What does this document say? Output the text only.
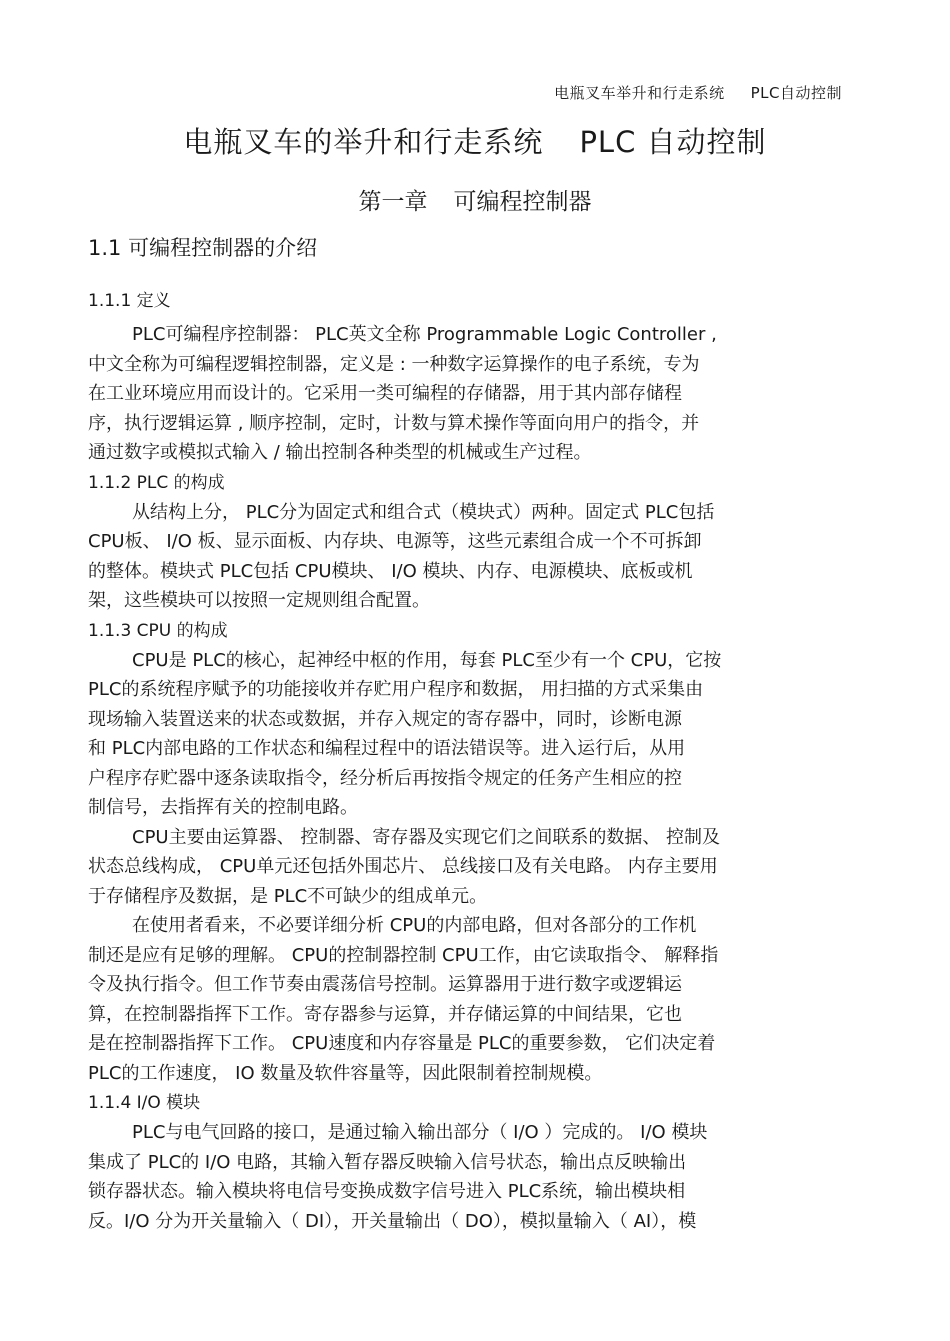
电瓶叉车举升和行走系统 PLC自动控制
电瓶叉车的举升和行走系统 PLC 自动控制
第一章 可编程控制器
1.1 可编程控制器的介绍
1.1.1 定义
PLC可编程序控制器： PLC英文全称 Programmable Logic Controller ,
中文全称为可编程逻辑控制器，定义是 : 一种数字运算操作的电子系统，专为
在工业环境应用而设计的。它采用一类可编程的存储器，用于其内部存储程
序，执行逻辑运算 , 顺序控制，定时，计数与算术操作等面向用户的指令，并
通过数字或模拟式输入 / 输出控制各种类型的机械或生产过程。
1.1.2 PLC 的构成
从结构上分， PLC分为固定式和组合式（模块式）两种。固定式 PLC包括
CPU板、 I/O 板、显示面板、内存块、电源等，这些元素组合成一个不可拆卸
的整体。模块式 PLC包括 CPU模块、 I/O 模块、内存、电源模块、底板或机
架，这些模块可以按照一定规则组合配置。
1.1.3 CPU 的构成
CPU是 PLC的核心，起神经中枢的作用，每套 PLC至少有一个 CPU，它按
PLC的系统程序赋予的功能接收并存贮用户程序和数据， 用扫描的方式采集由
现场输入装置送来的状态或数据，并存入规定的寄存器中，同时，诊断电源
和 PLC内部电路的工作状态和编程过程中的语法错误等。进入运行后，从用
户程序存贮器中逐条读取指令，经分析后再按指令规定的任务产生相应的控
制信号，去指挥有关的控制电路。
CPU主要由运算器、 控制器、寄存器及实现它们之间联系的数据、 控制及
状态总线构成， CPU单元还包括外围芯片、 总线接口及有关电路。 内存主要用
于存储程序及数据，是 PLC不可缺少的组成单元。
在使用者看来，不必要详细分析 CPU的内部电路，但对各部分的工作机
制还是应有足够的理解。 CPU的控制器控制 CPU工作，由它读取指令、 解释指
令及执行指令。但工作节奏由震荡信号控制。运算器用于进行数字或逻辑运
算，在控制器指挥下工作。寄存器参与运算，并存储运算的中间结果，它也
是在控制器指挥下工作。 CPU速度和内存容量是 PLC的重要参数， 它们决定着
PLC的工作速度， IO 数量及软件容量等，因此限制着控制规模。
1.1.4 I/O 模块
PLC与电气回路的接口，是通过输入输出部分（ I/O ）完成的。 I/O 模块
集成了 PLC的 I/O 电路，其输入暂存器反映输入信号状态，输出点反映输出
锁存器状态。输入模块将电信号变换成数字信号进入 PLC系统，输出模块相
反。I/O 分为开关量输入（ DI），开关量输出（ DO），模拟量输入（ AI），模
